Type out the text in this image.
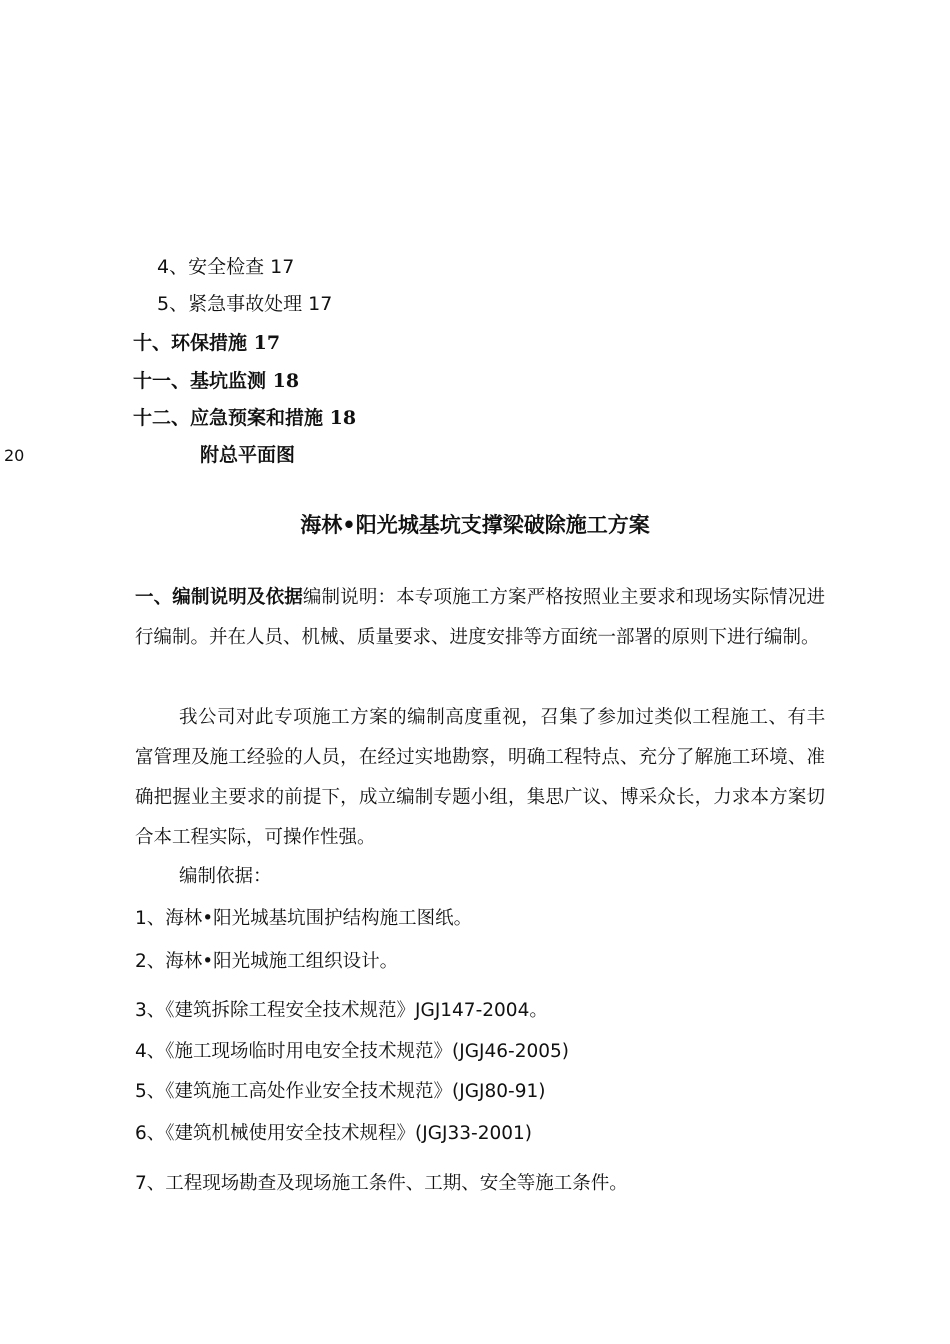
4、安全检查 17
5、紧急事故处理 17
十、环保措施 17
十一、基坑监测 18
十二、应急预案和措施 18
20	附总平面图
海林•阳光城基坑支撑梁破除施工方案
一、编制说明及依据编制说明：本专项施工方案严格按照业主要求和现场实际情况进行编制。并在人员、机械、质量要求、进度安排等方面统一部署的原则下进行编制。
我公司对此专项施工方案的编制高度重视，召集了参加过类似工程施工、有丰富管理及施工经验的人员，在经过实地勘察，明确工程特点、充分了解施工环境、准确把握业主要求的前提下，成立编制专题小组，集思广议、博采众长，力求本方案切合本工程实际，可操作性强。
编制依据：
1、海林•阳光城基坑围护结构施工图纸。
2、海林•阳光城施工组织设计。
3、《建筑拆除工程安全技术规范》JGJ147-2004。
4、《施工现场临时用电安全技术规范》(JGJ46-2005)
5、《建筑施工高处作业安全技术规范》(JGJ80-91)
6、《建筑机械使用安全技术规程》(JGJ33-2001)
7、工程现场勘查及现场施工条件、工期、安全等施工条件。
